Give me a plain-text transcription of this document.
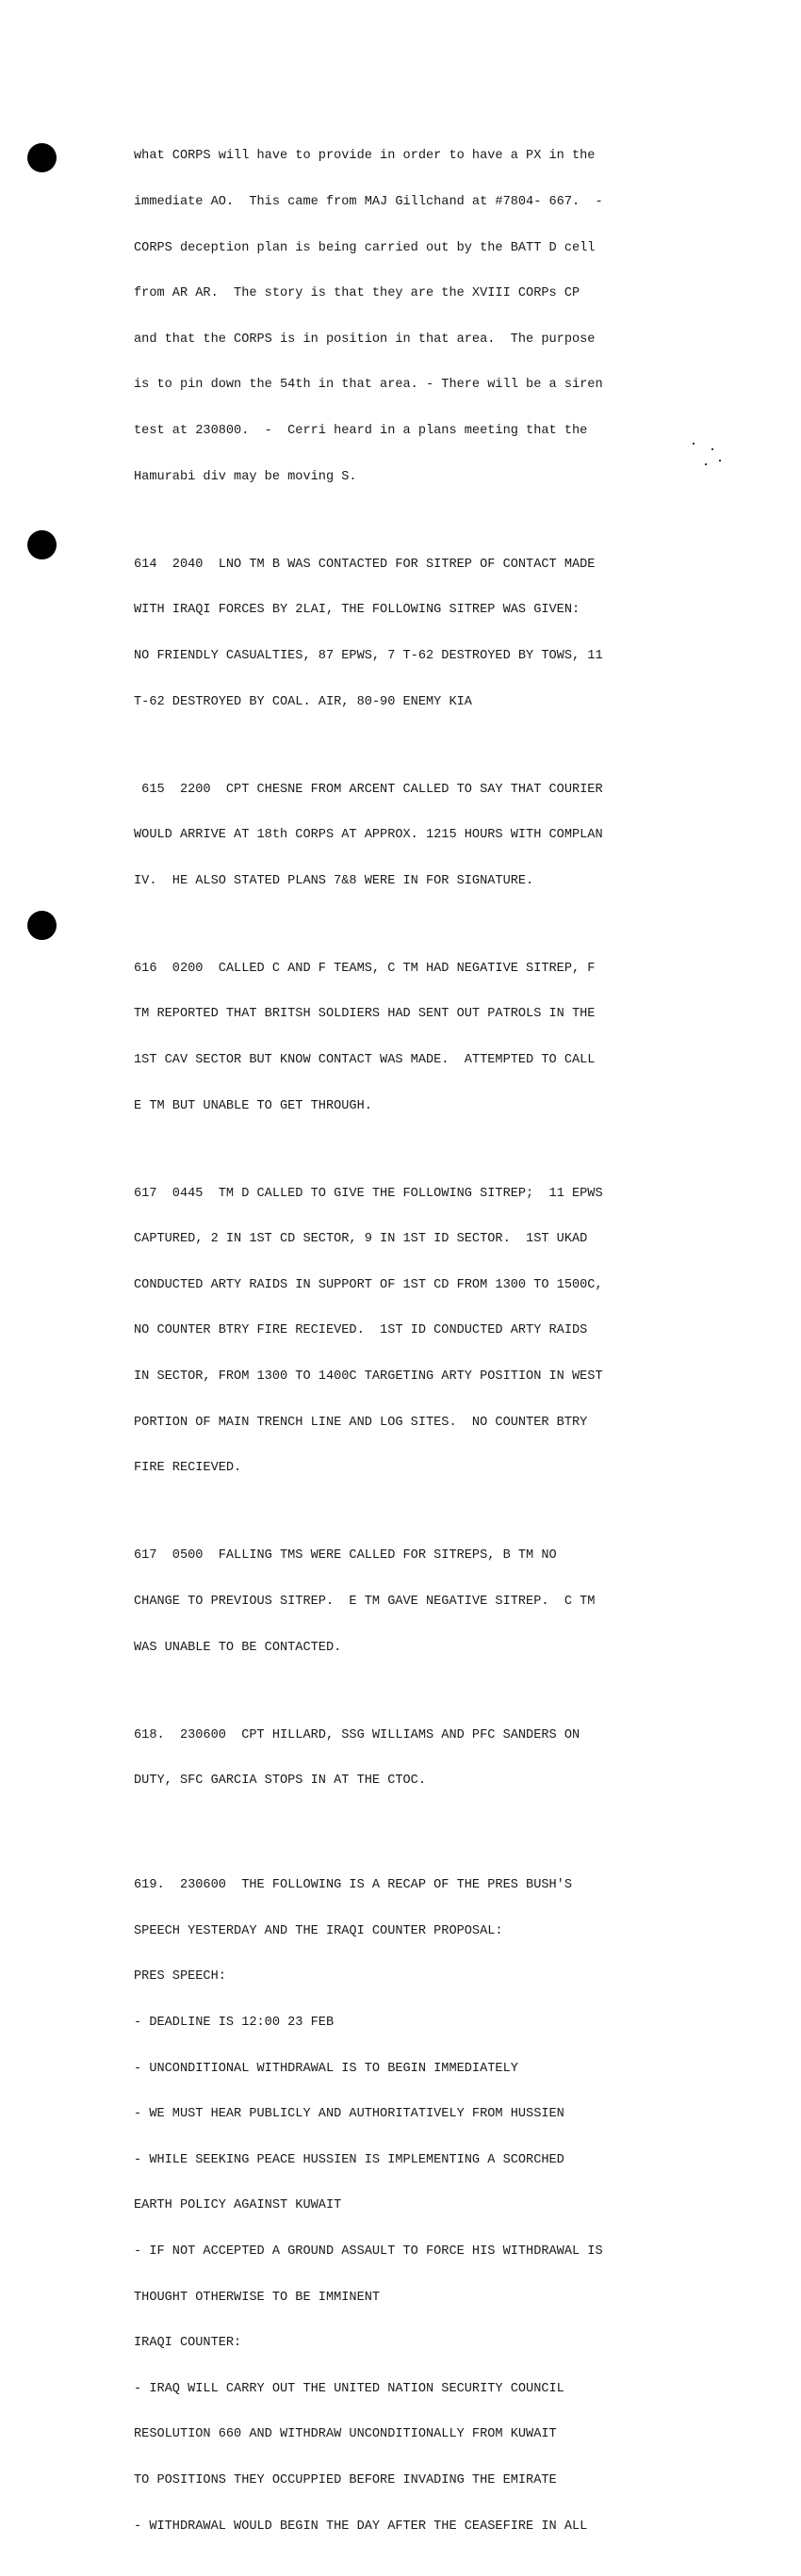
what CORPS will have to provide in order to have a PX in the

immediate AO.  This came from MAJ Gillchand at #7804- 667.  -

CORPS deception plan is being carried out by the BATT D cell

from AR AR.  The story is that they are the XVIII CORPs CP

and that the CORPS is in position in that area.  The purpose

is to pin down the 54th in that area. - There will be a siren

test at 230800.  -  Cerri heard in a plans meeting that the

Hamurabi div may be moving S.

614  2040  LNO TM B WAS CONTACTED FOR SITREP OF CONTACT MADE

WITH IRAQI FORCES BY 2LAI, THE FOLLOWING SITREP WAS GIVEN:

NO FRIENDLY CASUALTIES, 87 EPWS, 7 T-62 DESTROYED BY TOWS, 11

T-62 DESTROYED BY COAL. AIR, 80-90 ENEMY KIA

615  2200  CPT CHESNE FROM ARCENT CALLED TO SAY THAT COURIER

WOULD ARRIVE AT 18th CORPS AT APPROX. 1215 HOURS WITH COMPLAN

IV.  HE ALSO STATED PLANS 7&8 WERE IN FOR SIGNATURE.

616  0200  CALLED C AND F TEAMS, C TM HAD NEGATIVE SITREP, F

TM REPORTED THAT BRITSH SOLDIERS HAD SENT OUT PATROLS IN THE

1ST CAV SECTOR BUT KNOW CONTACT WAS MADE.  ATTEMPTED TO CALL

E TM BUT UNABLE TO GET THROUGH.

617  0445  TM D CALLED TO GIVE THE FOLLOWING SITREP;  11 EPWS

CAPTURED, 2 IN 1ST CD SECTOR, 9 IN 1ST ID SECTOR.  1ST UKAD

CONDUCTED ARTY RAIDS IN SUPPORT OF 1ST CD FROM 1300 TO 1500C,

NO COUNTER BTRY FIRE RECIEVED.  1ST ID CONDUCTED ARTY RAIDS

IN SECTOR, FROM 1300 TO 1400C TARGETING ARTY POSITION IN WEST

PORTION OF MAIN TRENCH LINE AND LOG SITES.  NO COUNTER BTRY

FIRE RECIEVED.

617  0500  FALLING TMS WERE CALLED FOR SITREPS, B TM NO

CHANGE TO PREVIOUS SITREP.  E TM GAVE NEGATIVE SITREP.  C TM

WAS UNABLE TO BE CONTACTED.

618.  230600  CPT HILLARD, SSG WILLIAMS AND PFC SANDERS ON

DUTY, SFC GARCIA STOPS IN AT THE CTOC.

619.  230600  THE FOLLOWING IS A RECAP OF THE PRES BUSH'S

SPEECH YESTERDAY AND THE IRAQI COUNTER PROPOSAL:

PRES SPEECH:

- DEADLINE IS 12:00 23 FEB

- UNCONDITIONAL WITHDRAWAL IS TO BEGIN IMMEDIATELY

- WE MUST HEAR PUBLICLY AND AUTHORITATIVELY FROM HUSSIEN

- WHILE SEEKING PEACE HUSSIEN IS IMPLEMENTING A SCORCHED

EARTH POLICY AGAINST KUWAIT

- IF NOT ACCEPTED A GROUND ASSAULT TO FORCE HIS WITHDRAWAL IS

THOUGHT OTHERWISE TO BE IMMINENT

IRAQI COUNTER:

- IRAQ WILL CARRY OUT THE UNITED NATION SECURITY COUNCIL

RESOLUTION 660 AND WITHDRAW UNCONDITIONALLY FROM KUWAIT

TO POSITIONS THEY OCCUPPIED BEFORE INVADING THE EMIRATE

- WITHDRAWAL WOULD BEGIN THE DAY AFTER THE CEASEFIRE IN ALL
